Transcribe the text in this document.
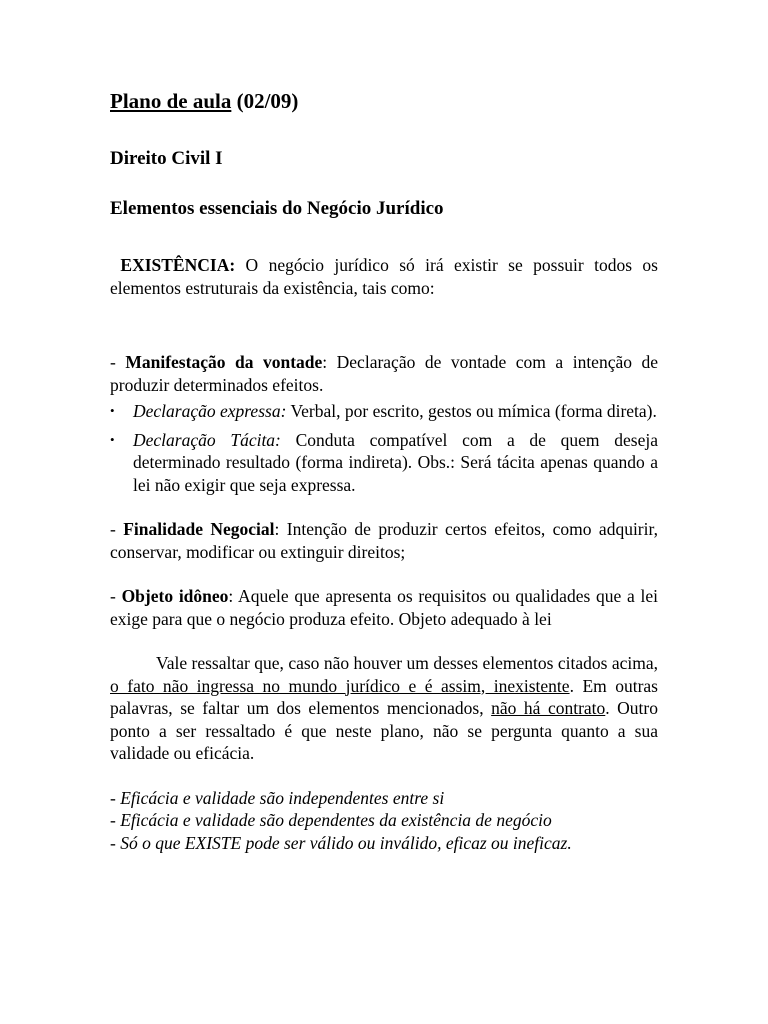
Plano de aula (02/09)
Direito Civil I
Elementos essenciais do Negócio Jurídico

EXISTÊNCIA: O negócio jurídico só irá existir se possuir todos os elementos estruturais da existência, tais como:

- Manifestação da vontade: Declaração de vontade com a intenção de produzir determinados efeitos.

• Declaração expressa: Verbal, por escrito, gestos ou mímica (forma direta).
• Declaração Tácita: Conduta compatível com a de quem deseja determinado resultado (forma indireta). Obs.: Será tácita apenas quando a lei não exigir que seja expressa.

- Finalidade Negocial: Intenção de produzir certos efeitos, como adquirir, conservar, modificar ou extinguir direitos;

- Objeto idôneo: Aquele que apresenta os requisitos ou qualidades que a lei exige para que o negócio produza efeito. Objeto adequado à lei

Vale ressaltar que, caso não houver um desses elementos citados acima, o fato não ingressa no mundo jurídico e é assim, inexistente. Em outras palavras, se faltar um dos elementos mencionados, não há contrato. Outro ponto a ser ressaltado é que neste plano, não se pergunta quanto a sua validade ou eficácia.

- Eficácia e validade são independentes entre si
- Eficácia e validade são dependentes da existência de negócio
- Só o que EXISTE pode ser válido ou inválido, eficaz ou ineficaz.
